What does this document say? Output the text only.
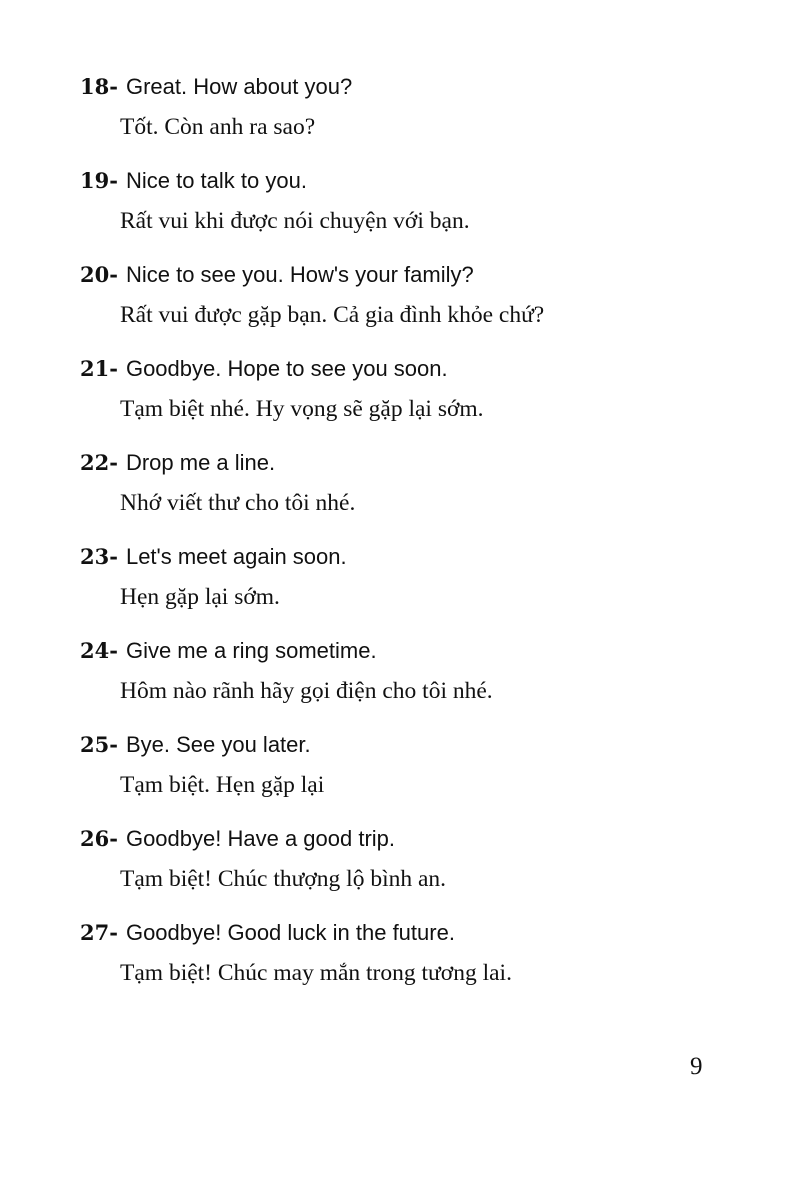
18- Great. How about you?
Tốt. Còn anh ra sao?
19- Nice to talk to you.
Rất vui khi được nói chuyện với bạn.
20- Nice to see you. How's your family?
Rất vui được gặp bạn. Cả gia đình khỏe chứ?
21- Goodbye. Hope to see you soon.
Tạm biệt nhé. Hy vọng sẽ gặp lại sớm.
22- Drop me a line.
Nhớ viết thư cho tôi nhé.
23- Let's meet again soon.
Hẹn gặp lại sớm.
24- Give me a ring sometime.
Hôm nào rãnh hãy gọi điện cho tôi nhé.
25- Bye. See you later.
Tạm biệt. Hẹn gặp lại
26- Goodbye! Have a good trip.
Tạm biệt! Chúc thượng lộ bình an.
27- Goodbye! Good luck in the future.
Tạm biệt! Chúc may mắn trong tương lai.
9
